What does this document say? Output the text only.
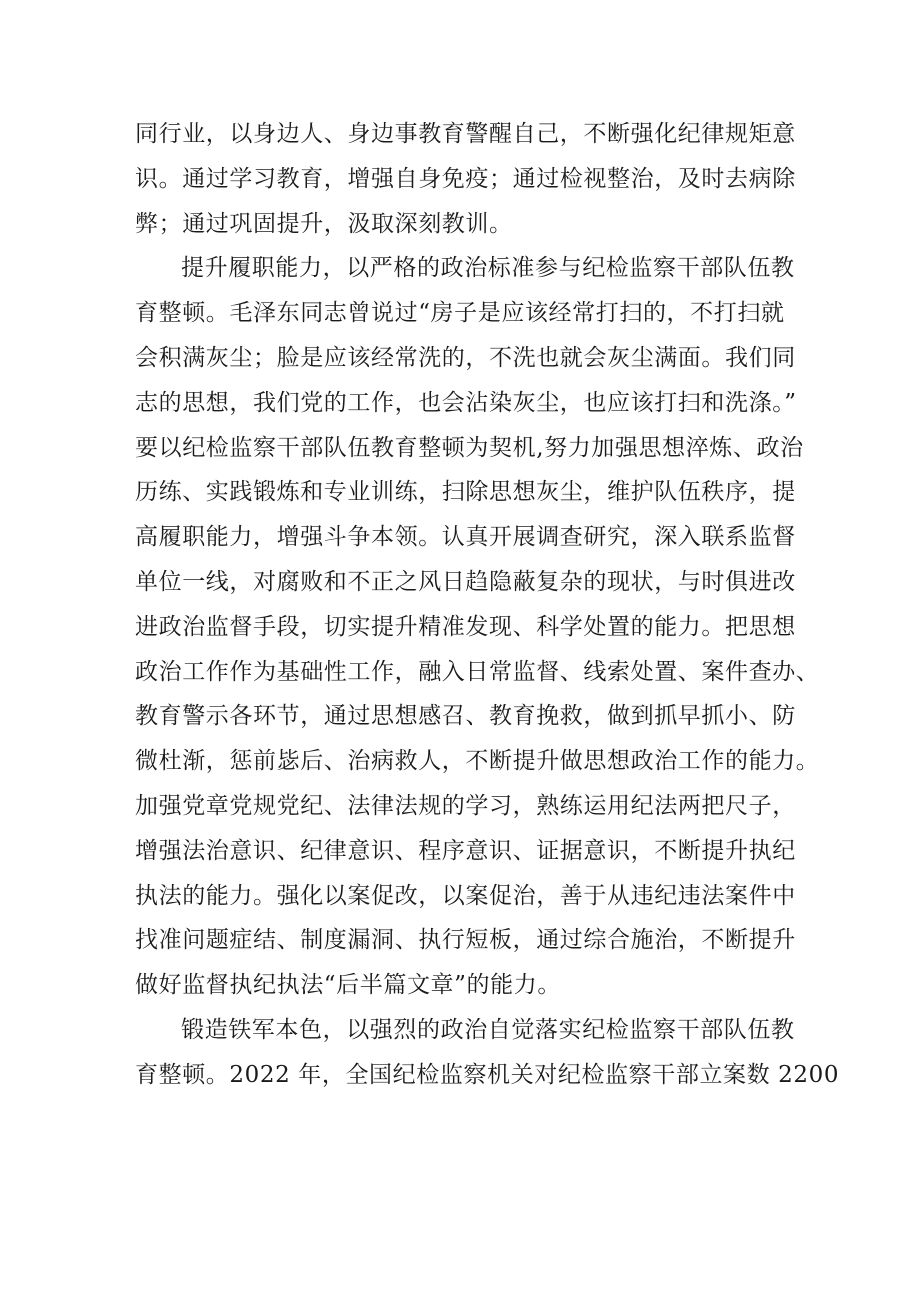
同行业，以身边人、身边事教育警醒自己，不断强化纪律规矩意
识。通过学习教育，增强自身免疫；通过检视整治，及时去病除
弊；通过巩固提升，汲取深刻教训。
提升履职能力，以严格的政治标准参与纪检监察干部队伍教
育整顿。毛泽东同志曾说过“房子是应该经常打扫的，不打扫就
会积满灰尘；脸是应该经常洗的，不洗也就会灰尘满面。我们同
志的思想，我们党的工作，也会沾染灰尘，也应该打扫和洗涤。”
要以纪检监察干部队伍教育整顿为契机,努力加强思想淬炼、政治
历练、实践锻炼和专业训练，扫除思想灰尘，维护队伍秩序，提
高履职能力，增强斗争本领。认真开展调查研究，深入联系监督
单位一线，对腐败和不正之风日趋隐蔽复杂的现状，与时俱进改
进政治监督手段，切实提升精准发现、科学处置的能力。把思想
政治工作作为基础性工作，融入日常监督、线索处置、案件查办、
教育警示各环节，通过思想感召、教育挽救，做到抓早抓小、防
微杜渐，惩前毖后、治病救人，不断提升做思想政治工作的能力。
加强党章党规党纪、法律法规的学习，熟练运用纪法两把尺子，
增强法治意识、纪律意识、程序意识、证据意识，不断提升执纪
执法的能力。强化以案促改，以案促治，善于从违纪违法案件中
找准问题症结、制度漏洞、执行短板，通过综合施治，不断提升
做好监督执纪执法“后半篇文章”的能力。
锻造铁军本色，以强烈的政治自觉落实纪检监察干部队伍教
育整顿。2022 年，全国纪检监察机关对纪检监察干部立案数 2200
